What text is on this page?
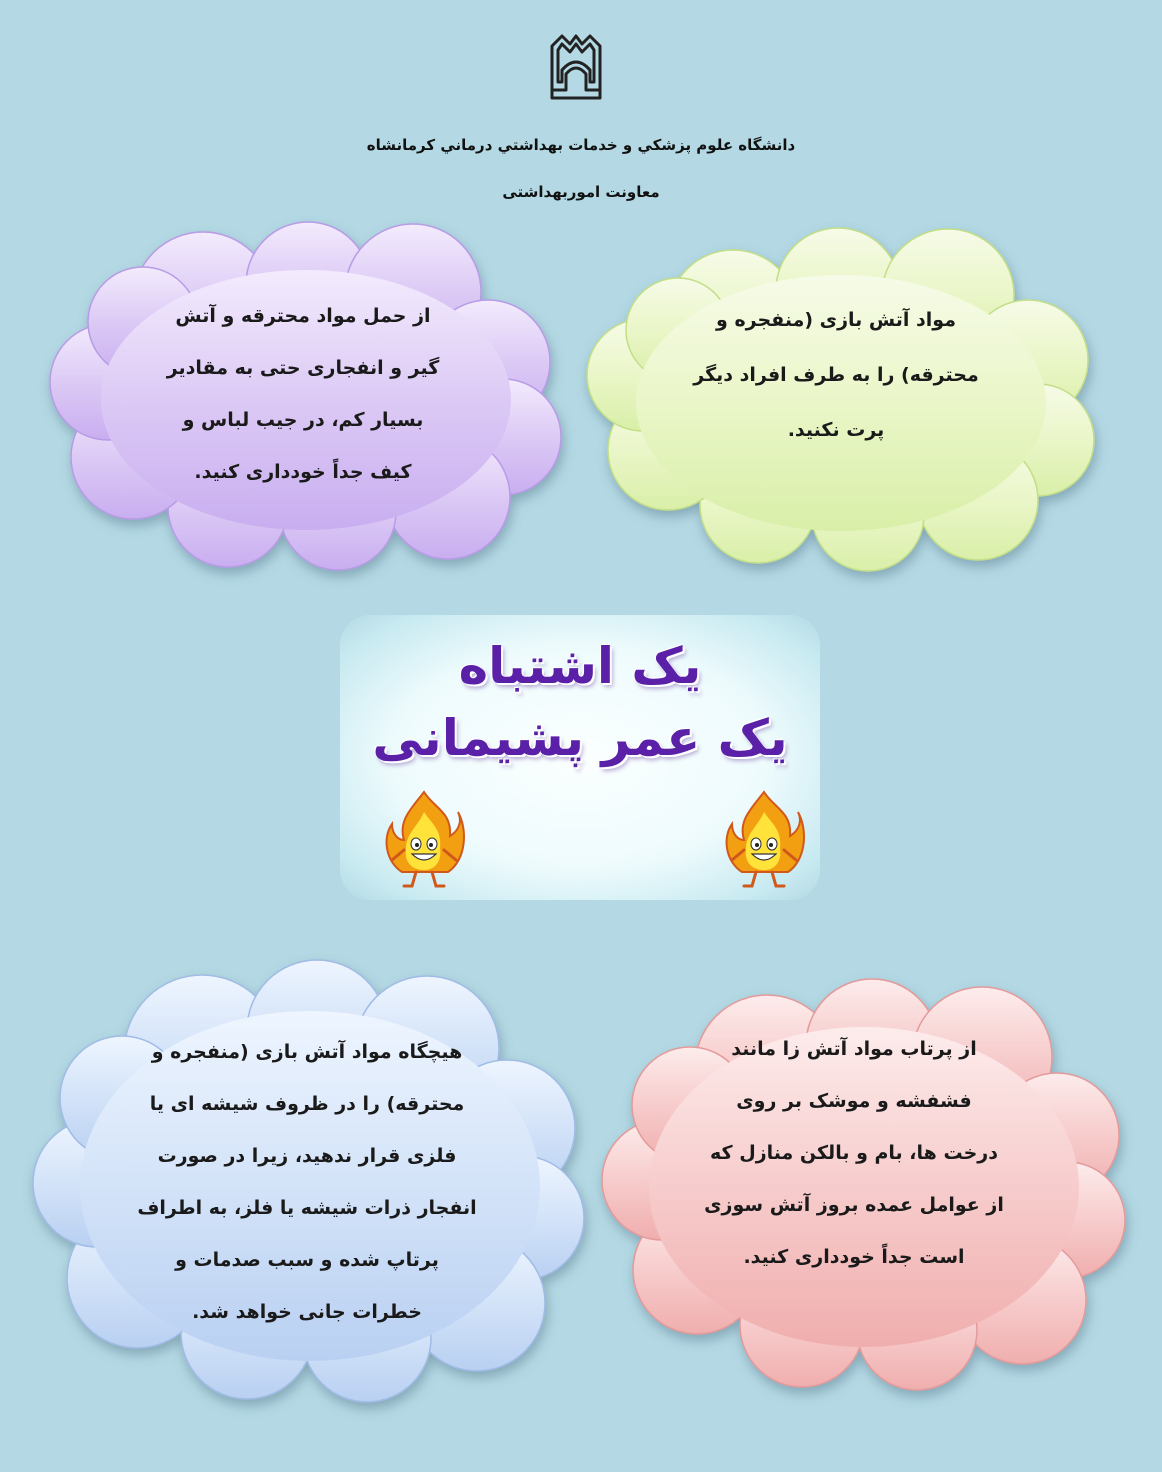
دانشگاه علوم پزشكي و خدمات بهداشتي درماني كرمانشاه
معاونت اموربهداشتی
از حمل مواد محترقه و آتش
گیر و انفجاری حتی به مقادیر
بسیار کم، در جیب لباس و
کیف جداً خودداری کنید.
مواد آتش بازی (منفجره و
محترقه) را به طرف افراد دیگر
پرت نکنید.
یک اشتباه
یک عمر پشیمانی
هیچگاه مواد آتش بازی (منفجره و
محترقه) را در ظروف شیشه ای یا
فلزی قرار ندهید، زیرا در صورت
انفجار ذرات شیشه یا فلز، به اطراف
پرتاپ شده و سبب صدمات و
خطرات جانی خواهد شد.
از پرتاب مواد آتش زا مانند
فشفشه و موشک بر روی
درخت ها، بام و بالکن منازل که
از عوامل عمده بروز آتش سوزی
است جداً خودداری کنید.
